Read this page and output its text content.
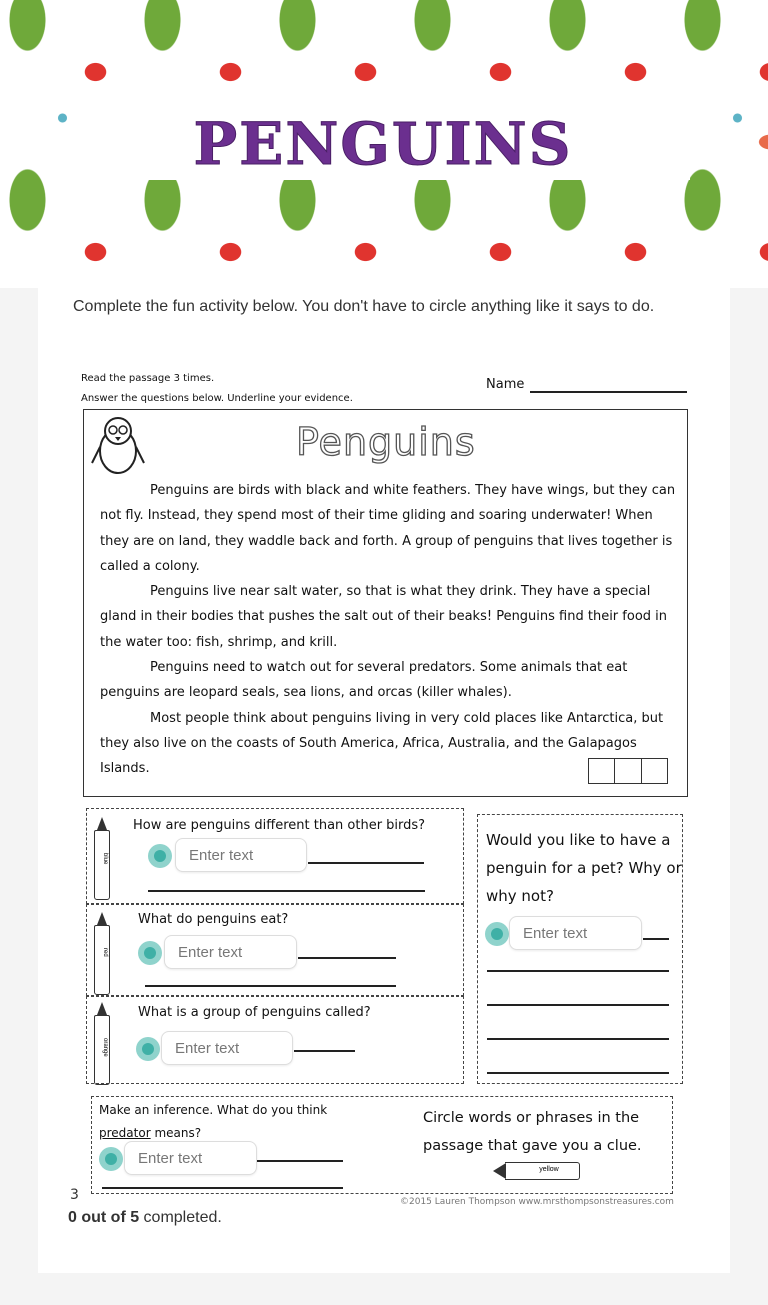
PENGUINS
Complete the fun activity below. You don't have to circle anything like it says to do.
Read the passage 3 times.
Answer the questions below. Underline your evidence.
Name
Penguins

Penguins are birds with black and white feathers. They have wings, but they can not fly. Instead, they spend most of their time gliding and soaring underwater! When they are on land, they waddle back and forth. A group of penguins that lives together is called a colony.

Penguins live near salt water, so that is what they drink. They have a special gland in their bodies that pushes the salt out of their beaks! Penguins find their food in the water too: fish, shrimp, and krill.

Penguins need to watch out for several predators. Some animals that eat penguins are leopard seals, sea lions, and orcas (killer whales).

Most people think about penguins living in very cold places like Antarctica, but they also live on the coasts of South America, Africa, Australia, and the Galapagos Islands.

blue
red
orange
How are penguins different than other birds?
Enter text
What do penguins eat?
Enter text
What is a group of penguins called?
Enter text
Would you like to have a penguin for a pet? Why or why not?
Enter text
Make an inference. What do you think
predator means?
Enter text
Circle words or phrases in the passage that gave you a clue.
yellow
3	©2015 Lauren Thompson www.mrsthompsonstreasures.com
0 out of 5 completed.
